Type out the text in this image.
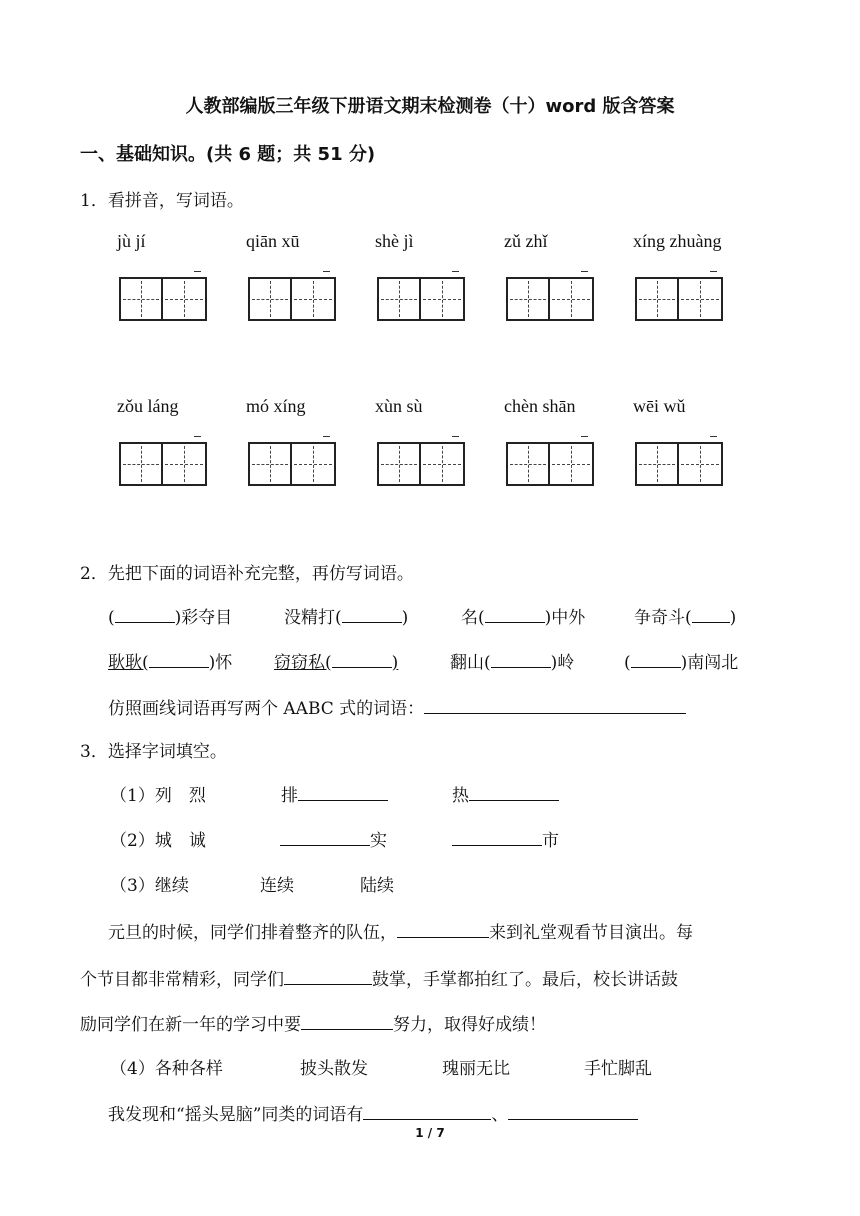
人教部编版三年级下册语文期末检测卷（十）word 版含答案
一、基础知识。(共 6 题；共 51 分)
1．看拼音，写词语。
jù jí	qiān xū	shè jì	zǔ zhǐ	xíng zhuàng
zǒu láng	mó xíng	xùn sù	chèn shān	wēi wǔ
2．先把下面的词语补充完整，再仿写词语。
(	)彩夺目	没精打(	)	名(	)中外	争奇斗( )
耿耿(	)怀 窃窃私(	)	翻山(	)岭	(	)南闯北
仿照画线词语再写两个 AABC 式的词语：
3．选择字词填空。
（1）列　烈	排	热
（2）城　诚	实	市
（3）继续	连续	陆续
元旦的时候，同学们排着整齐的队伍，	来到礼堂观看节目演出。每
个节目都非常精彩，同学们	鼓掌，手掌都拍红了。最后，校长讲话鼓
励同学们在新一年的学习中要	努力，取得好成绩！
（4）各种各样	披头散发	瑰丽无比	手忙脚乱
我发现和“摇头晃脑”同类的词语有	、
1 / 7
